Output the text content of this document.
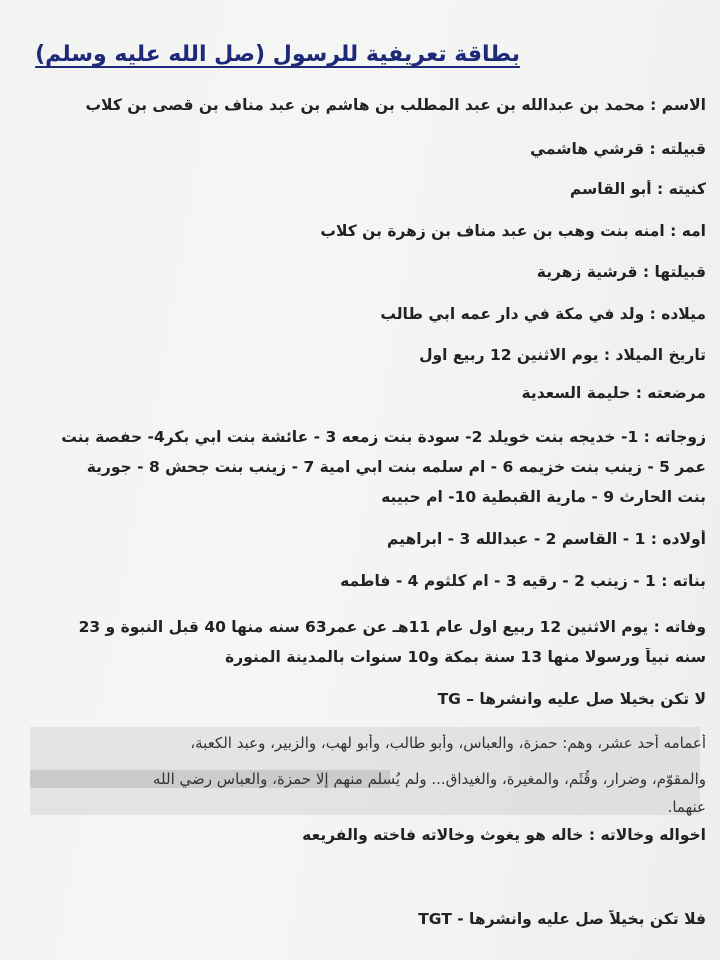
بطاقة تعريفية للرسول (صل الله عليه وسلم)
الاسم : محمد بن عبدالله بن عبد المطلب بن هاشم بن عبد مناف بن قصى بن كلاب
قبيلته : قرشي هاشمي
كنيته : أبو القاسم
امه : امنه بنت وهب بن عبد مناف بن زهرة بن كلاب
قبيلتها : قرشية زهرية
ميلاده : ولد في مكة في دار عمه ابي طالب
تاريخ الميلاد : يوم الاثنين 12 ربيع اول
مرضعته : حليمة السعدية
زوجاته : 1- خديجه بنت خويلد 2- سودة بنت زمعه 3 - عائشة بنت ابي بكر4- حفصة بنت
عمر 5 - زينب بنت خزيمه 6 - ام سلمه بنت ابي امية 7 - زينب بنت جحش 8 - جورية
بنت الحارث 9 - مارية القبطية 10- ام حبيبه
أولاده : 1 - القاسم 2 - عبدالله 3 - ابراهيم
بناته : 1 - زينب 2 - رقيه 3 - ام كلثوم 4 - فاطمه
وفاته : يوم الاثنين 12 ربيع اول عام 11هـ عن عمر63 سنه منها 40 قبل النبوة و 23
سنه نبياً ورسولا منها 13 سنة بمكة و10 سنوات بالمدينة المنورة
لا تكن بخيلا صل عليه وانشرها – TG
أعمامه أحد عشر، وهم: حمزة، والعباس، وأبو طالب، وأبو لهب، والزبير، وعبد الكعبة،
والمقوّم، وضرار، وقُثَم، والمغيرة، والغيداق... ولم يُسلم منهم إلا حمزة، والعباس رضي الله
عنهما.
اخواله وخالاته : خاله هو يغوث وخالاته فاخته والفريعه
فلا تكن بخيلاً صل عليه وانشرها - TGT
